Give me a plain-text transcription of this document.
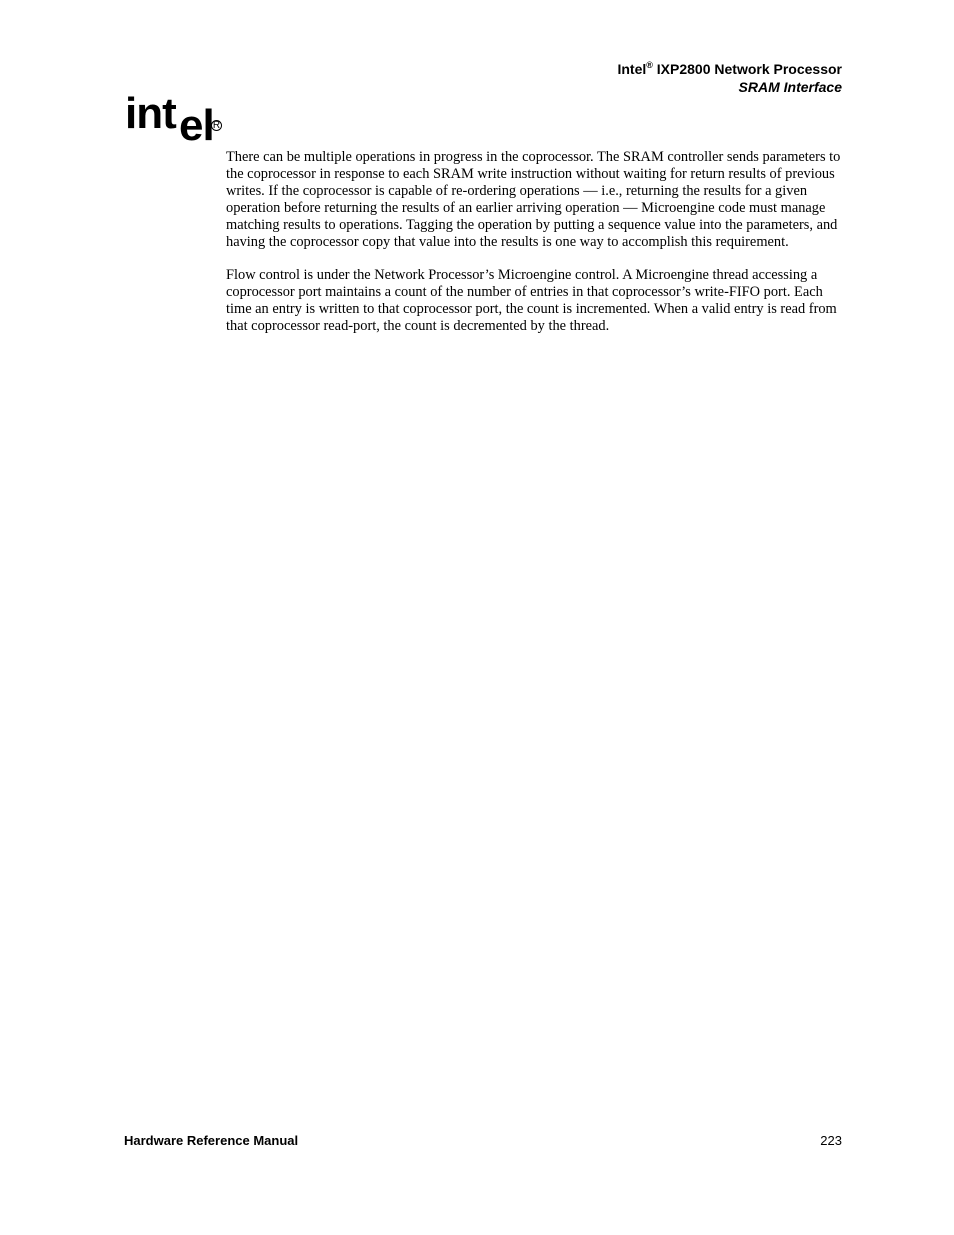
int el R
Intel® IXP2800 Network Processor
SRAM Interface

There can be multiple operations in progress in the coprocessor. The SRAM controller sends parameters to the coprocessor in response to each SRAM write instruction without waiting for return results of previous writes. If the coprocessor is capable of re-ordering operations — i.e., returning the results for a given operation before returning the results of an earlier arriving operation — Microengine code must manage matching results to operations. Tagging the operation by putting a sequence value into the parameters, and having the coprocessor copy that value into the results is one way to accomplish this requirement.

Flow control is under the Network Processor’s Microengine control. A Microengine thread accessing a coprocessor port maintains a count of the number of entries in that coprocessor’s write-FIFO port. Each time an entry is written to that coprocessor port, the count is incremented. When a valid entry is read from that coprocessor read-port, the count is decremented by the thread.

Hardware Reference Manual	223
